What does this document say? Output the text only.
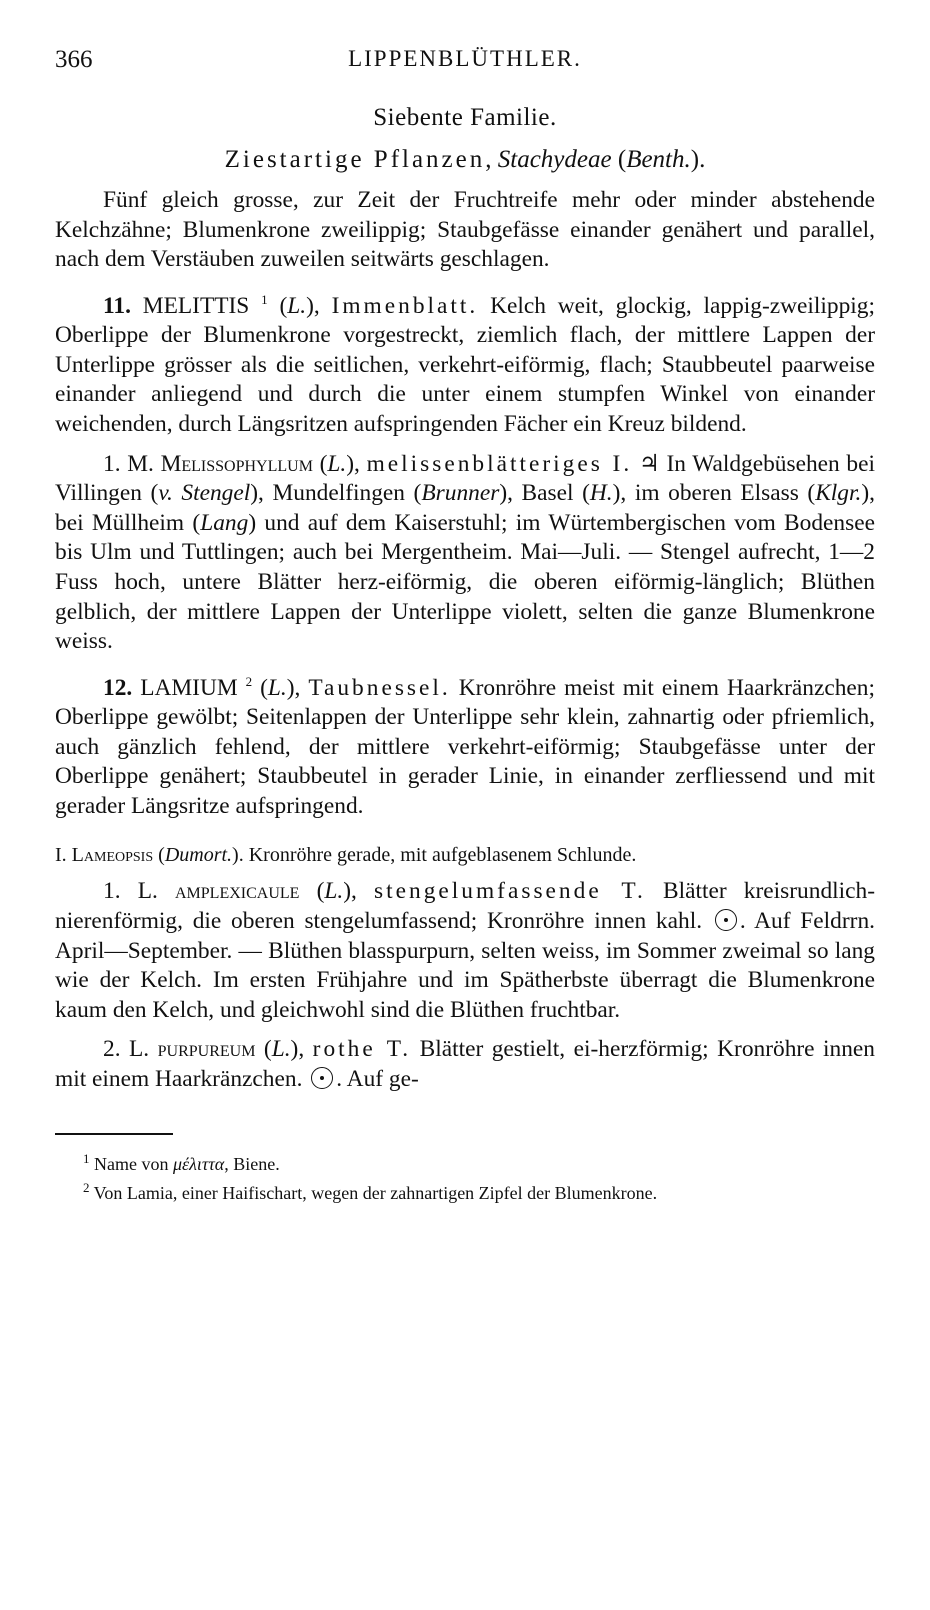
366	LIPPENBLÜTHLER.

Siebente Familie.

Ziestartige Pflanzen, Stachydeae (Benth.).

Fünf gleich grosse, zur Zeit der Fruchtreife mehr oder minder abstehende Kelchzähne; Blumenkrone zweilippig; Staubgefässe einander genähert und parallel, nach dem Verstäuben zuweilen seitwärts geschlagen.

11. MELITTIS $^1$ (L.), Immenblatt. Kelch weit, glockig, lappig-zweilippig; Oberlippe der Blumenkrone vorgestreckt, ziemlich flach, der mittlere Lappen der Unterlippe grösser als die seitlichen, verkehrt-eiförmig, flach; Staubbeutel paarweise einander anliegend und durch die unter einem stumpfen Winkel von einander weichenden, durch Längsritzen aufspringenden Fächer ein Kreuz bildend.

1. M. Melissophyllum (L.), melissenblätteriges I. ♃ In Waldgebüsehen bei Villingen (v. Stengel), Mundelfingen (Brunner), Basel (H.), im oberen Elsass (Klgr.), bei Müllheim (Lang) und auf dem Kaiserstuhl; im Würtembergischen vom Bodensee bis Ulm und Tuttlingen; auch bei Mergentheim. Mai—Juli. — Stengel aufrecht, 1—2 Fuss hoch, untere Blätter herz-eiförmig, die oberen eiförmig-länglich; Blüthen gelblich, der mittlere Lappen der Unterlippe violett, selten die ganze Blumenkrone weiss.

12. LAMIUM $^2$ (L.), Taubnessel. Kronröhre meist mit einem Haarkränzchen; Oberlippe gewölbt; Seitenlappen der Unterlippe sehr klein, zahnartig oder pfriemlich, auch gänzlich fehlend, der mittlere verkehrt-eiförmig; Staubgefässe unter der Oberlippe genähert; Staubbeutel in gerader Linie, in einander zerfliessend und mit gerader Längsritze aufspringend.

I. Lameopsis (Dumort.). Kronröhre gerade, mit aufgeblasenem Schlunde.

1. L. amplexicaule (L.), stengelumfassende T. Blätter kreisrundlich-nierenförmig, die oberen stengelumfassend; Kronröhre innen kahl. . Auf Feldrrn. April—September. — Blüthen blasspurpurn, selten weiss, im Sommer zweimal so lang wie der Kelch. Im ersten Frühjahre und im Spätherbste überragt die Blumenkrone kaum den Kelch, und gleichwohl sind die Blüthen fruchtbar.

2. L. purpureum (L.), rothe T. Blätter gestielt, ei-herzförmig; Kronröhre innen mit einem Haarkränzchen. . Auf ge-

$^1$ Name von μέλιττα, Biene.

$^2$ Von Lamia, einer Haifischart, wegen der zahnartigen Zipfel der Blumenkrone.
